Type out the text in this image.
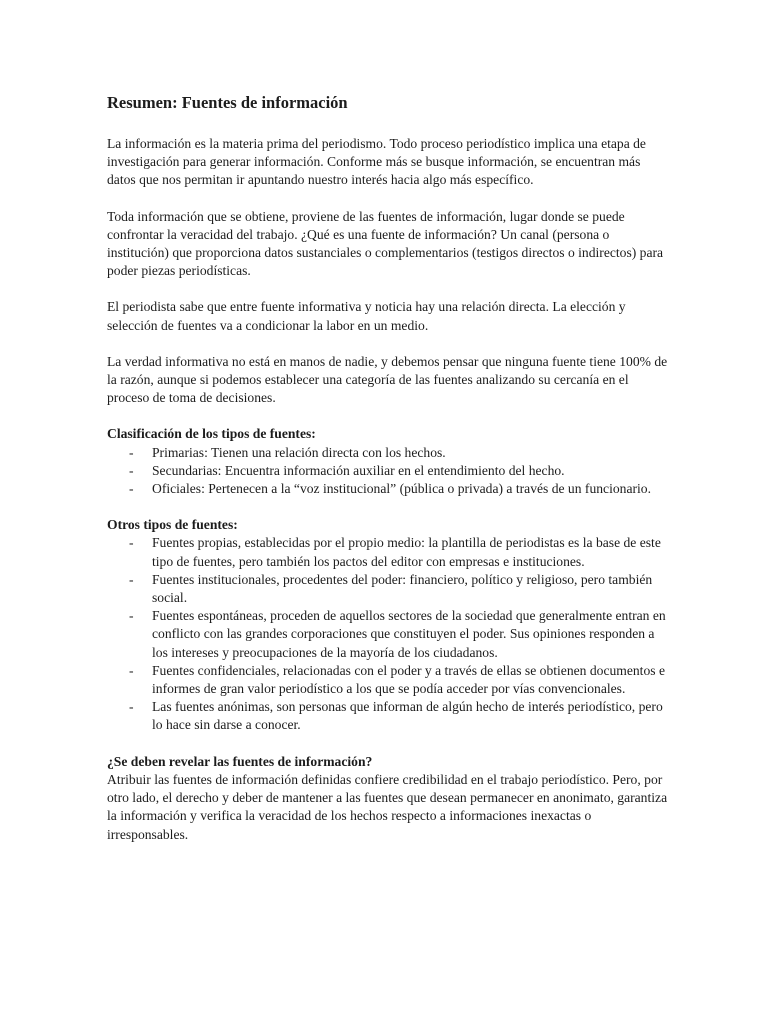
Resumen: Fuentes de información

La información es la materia prima del periodismo. Todo proceso periodístico implica una etapa de investigación para generar información. Conforme más se busque información, se encuentran más datos que nos permitan ir apuntando nuestro interés hacia algo más específico.

Toda información que se obtiene, proviene de las fuentes de información, lugar donde se puede confrontar la veracidad del trabajo. ¿Qué es una fuente de información? Un canal (persona o institución) que proporciona datos sustanciales o complementarios (testigos directos o indirectos) para poder piezas periodísticas.

El periodista sabe que entre fuente informativa y noticia hay una relación directa. La elección y selección de fuentes va a condicionar la labor en un medio.

La verdad informativa no está en manos de nadie, y debemos pensar que ninguna fuente tiene 100% de la razón, aunque si podemos establecer una categoría de las fuentes analizando su cercanía en el proceso de toma de decisiones.

Clasificación de los tipos de fuentes:

- Primarias: Tienen una relación directa con los hechos.
- Secundarias: Encuentra información auxiliar en el entendimiento del hecho.
- Oficiales: Pertenecen a la “voz institucional” (pública o privada) a través de un funcionario.

Otros tipos de fuentes:

- Fuentes propias, establecidas por el propio medio: la plantilla de periodistas es la base de este tipo de fuentes, pero también los pactos del editor con empresas e instituciones.
- Fuentes institucionales, procedentes del poder: financiero, político y religioso, pero también social.
- Fuentes espontáneas, proceden de aquellos sectores de la sociedad que generalmente entran en conflicto con las grandes corporaciones que constituyen el poder. Sus opiniones responden a los intereses y preocupaciones de la mayoría de los ciudadanos.
- Fuentes confidenciales, relacionadas con el poder y a través de ellas se obtienen documentos e informes de gran valor periodístico a los que se podía acceder por vías convencionales.
- Las fuentes anónimas, son personas que informan de algún hecho de interés periodístico, pero lo hace sin darse a conocer.

¿Se deben revelar las fuentes de información?

Atribuir las fuentes de información definidas confiere credibilidad en el trabajo periodístico. Pero, por otro lado, el derecho y deber de mantener a las fuentes que desean permanecer en anonimato, garantiza la información y verifica la veracidad de los hechos respecto a informaciones inexactas o irresponsables.
